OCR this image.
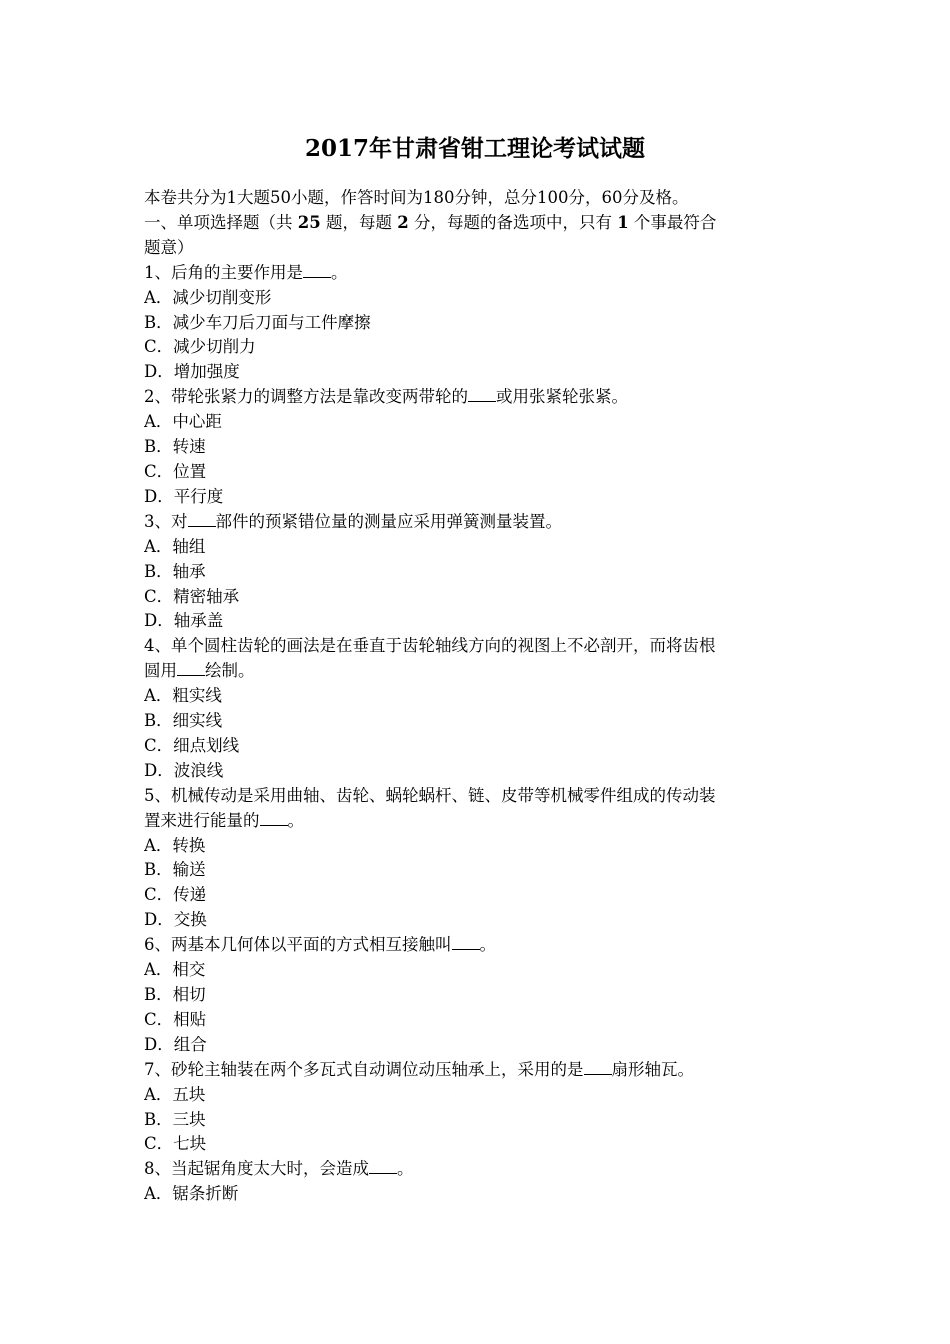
2017年甘肃省钳工理论考试试题

本卷共分为1大题50小题，作答时间为180分钟，总分100分，60分及格。

一、单项选择题（共 25 题，每题 2 分，每题的备选项中，只有 1 个事最符合

题意）

1、后角的主要作用是 。

A．减少切削变形

B．减少车刀后刀面与工件摩擦

C．减少切削力

D．增加强度

2、带轮张紧力的调整方法是靠改变两带轮的 或用张紧轮张紧。

A．中心距

B．转速

C．位置

D．平行度

3、对 部件的预紧错位量的测量应采用弹簧测量装置。

A．轴组

B．轴承

C．精密轴承

D．轴承盖

4、单个圆柱齿轮的画法是在垂直于齿轮轴线方向的视图上不必剖开，而将齿根

圆用 绘制。

A．粗实线

B．细实线

C．细点划线

D．波浪线

5、机械传动是采用曲轴、齿轮、蜗轮蜗杆、链、皮带等机械零件组成的传动装

置来进行能量的 。

A．转换

B．输送

C．传递

D．交换

6、两基本几何体以平面的方式相互接触叫 。

A．相交

B．相切

C．相贴

D．组合

7、砂轮主轴装在两个多瓦式自动调位动压轴承上，采用的是 扇形轴瓦。

A．五块

B．三块

C．七块

8、当起锯角度太大时，会造成 。

A．锯条折断
